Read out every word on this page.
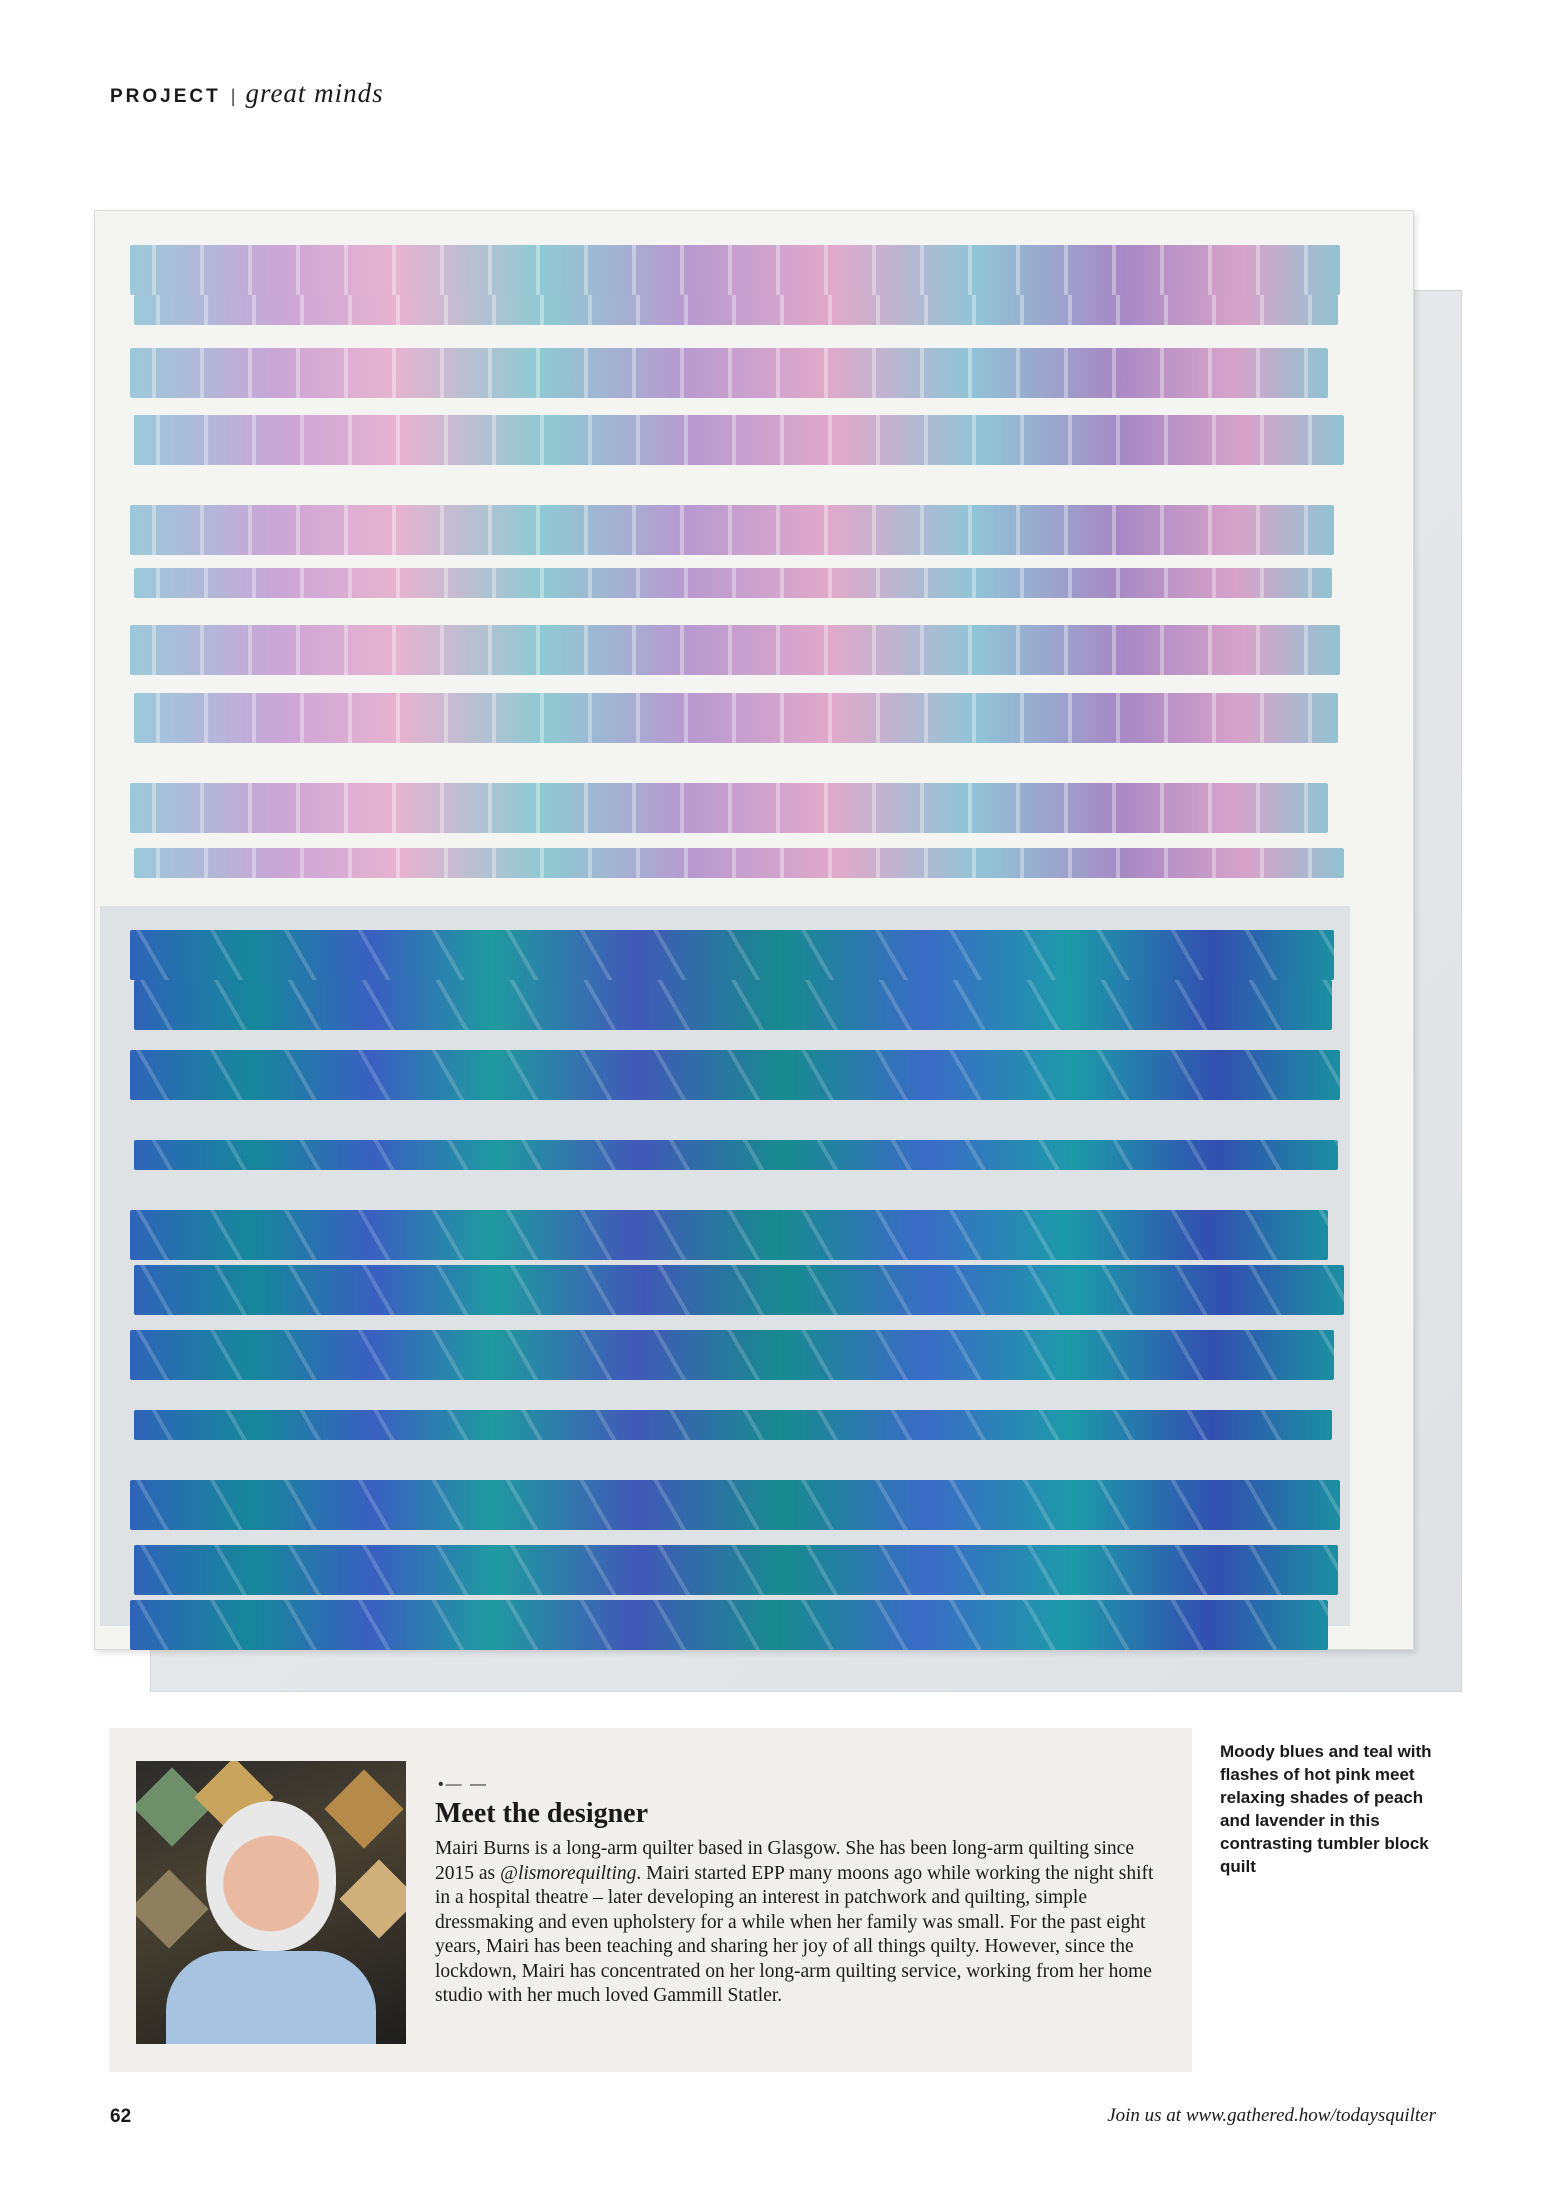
PROJECT | great minds
•— —
Meet the designer

Mairi Burns is a long-arm quilter based in Glasgow. She has been long-arm quilting since 2015 as @lismorequilting. Mairi started EPP many moons ago while working the night shift in a hospital theatre – later developing an interest in patchwork and quilting, simple dressmaking and even upholstery for a while when her family was small. For the past eight years, Mairi has been teaching and sharing her joy of all things quilty. However, since the lockdown, Mairi has concentrated on her long-arm quilting service, working from her home studio with her much loved Gammill Statler.

Moody blues and teal with flashes of hot pink meet relaxing shades of peach and lavender in this contrasting tumbler block quilt
62	Join us at www.gathered.how/todaysquilter
